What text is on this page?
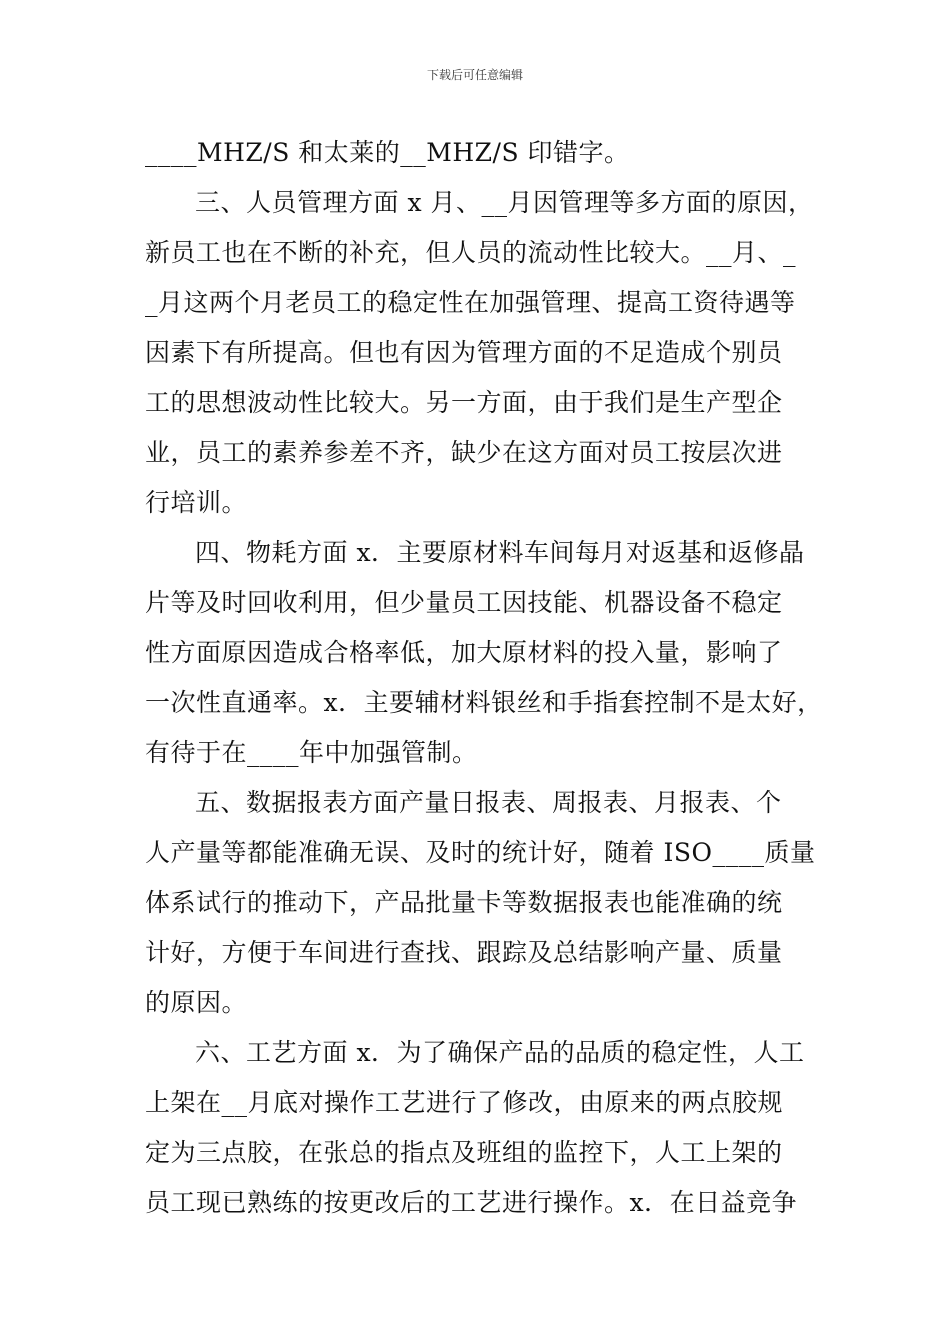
下载后可任意编辑
____MHZ/S 和太莱的__MHZ/S 印错字。
三、人员管理方面 x 月、__月因管理等多方面的原因，
新员工也在不断的补充，但人员的流动性比较大。__月、_
_月这两个月老员工的稳定性在加强管理、提高工资待遇等
因素下有所提高。但也有因为管理方面的不足造成个别员
工的思想波动性比较大。另一方面，由于我们是生产型企
业，员工的素养参差不齐，缺少在这方面对员工按层次进
行培训。
四、物耗方面 x．主要原材料车间每月对返基和返修晶
片等及时回收利用，但少量员工因技能、机器设备不稳定
性方面原因造成合格率低，加大原材料的投入量，影响了
一次性直通率。x．主要辅材料银丝和手指套控制不是太好，
有待于在____年中加强管制。
五、数据报表方面产量日报表、周报表、月报表、个
人产量等都能准确无误、及时的统计好，随着 ISO____质量
体系试行的推动下，产品批量卡等数据报表也能准确的统
计好，方便于车间进行查找、跟踪及总结影响产量、质量
的原因。
六、工艺方面 x．为了确保产品的品质的稳定性，人工
上架在__月底对操作工艺进行了修改，由原来的两点胶规
定为三点胶，在张总的指点及班组的监控下，人工上架的
员工现已熟练的按更改后的工艺进行操作。x．在日益竞争
